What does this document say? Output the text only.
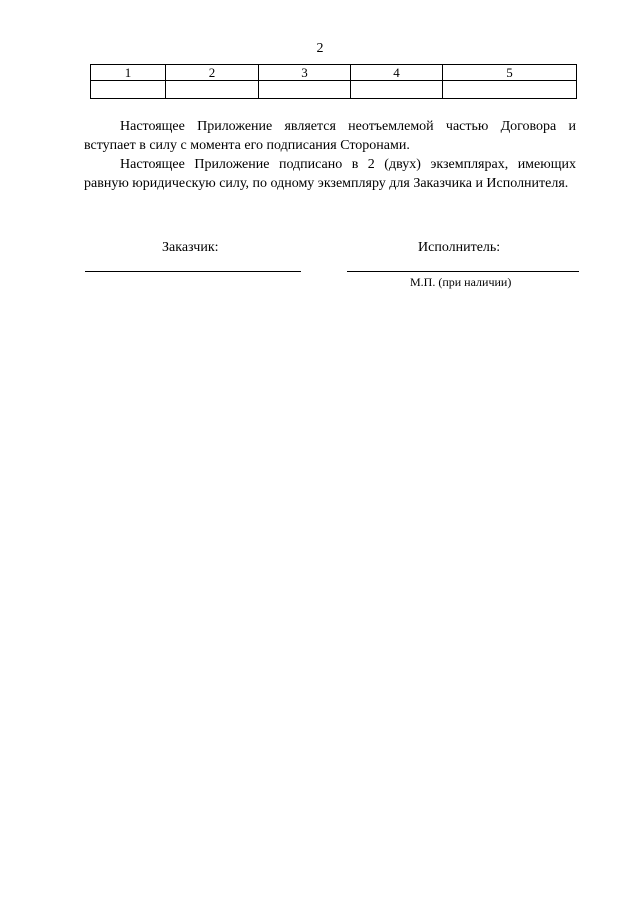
2
1	2	3	4	5

Настоящее Приложение является неотъемлемой частью Договора и вступает в силу с момента его подписания Сторонами.

Настоящее Приложение подписано в 2 (двух) экземплярах, имеющих равную юридическую силу, по одному экземпляру для Заказчика и Исполнителя.

Заказчик:	Исполнитель:
М.П. (при наличии)
